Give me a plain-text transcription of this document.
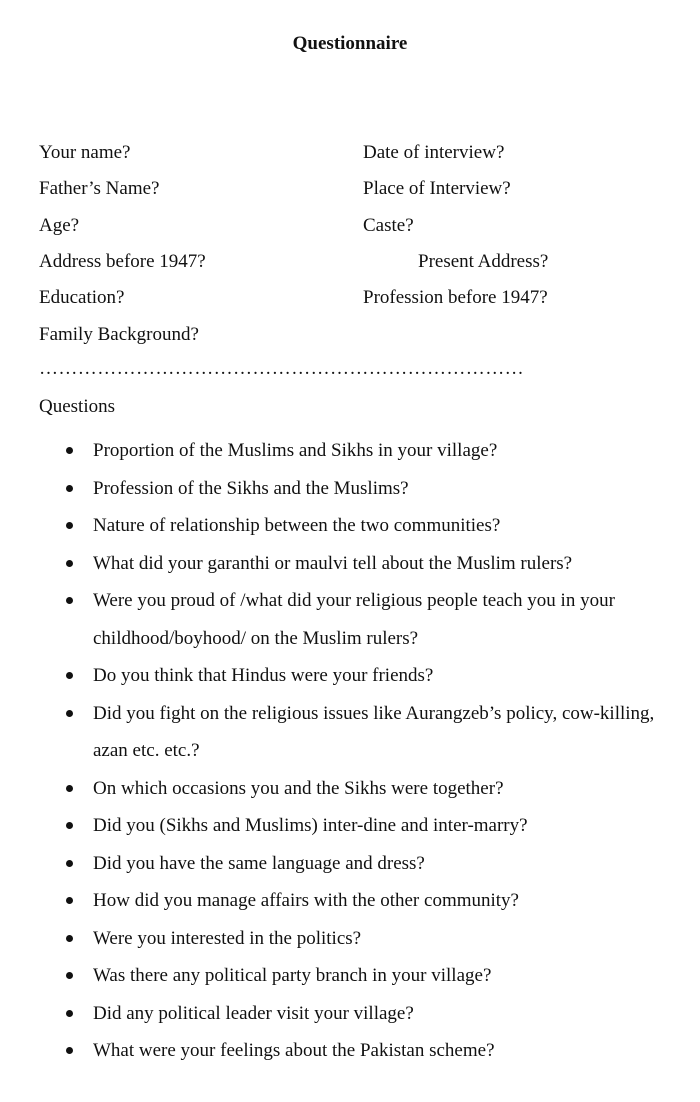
Questionnaire
Your name?	Date of interview?
Father’s Name?	Place of Interview?
Age?	Caste?
Address before 1947?	Present Address?
Education?	Profession before 1947?
Family Background?
…………………………………………………………………
Questions
Proportion of the Muslims and Sikhs in your village?
Profession of the Sikhs and the Muslims?
Nature of relationship between the two communities?
What did your garanthi or maulvi tell about the Muslim rulers?
Were you proud of /what did your religious people teach you in your childhood/boyhood/ on the Muslim rulers?
Do you think that Hindus were your friends?
Did you fight on the religious issues like Aurangzeb’s policy, cow-killing, azan etc. etc.?
On which occasions you and the Sikhs were together?
Did you (Sikhs and Muslims) inter-dine and inter-marry?
Did you have the same language and dress?
How did you manage affairs with the other community?
Were you interested in the politics?
Was there any political party branch in your village?
Did any political leader visit your village?
What were your feelings about the Pakistan scheme?
